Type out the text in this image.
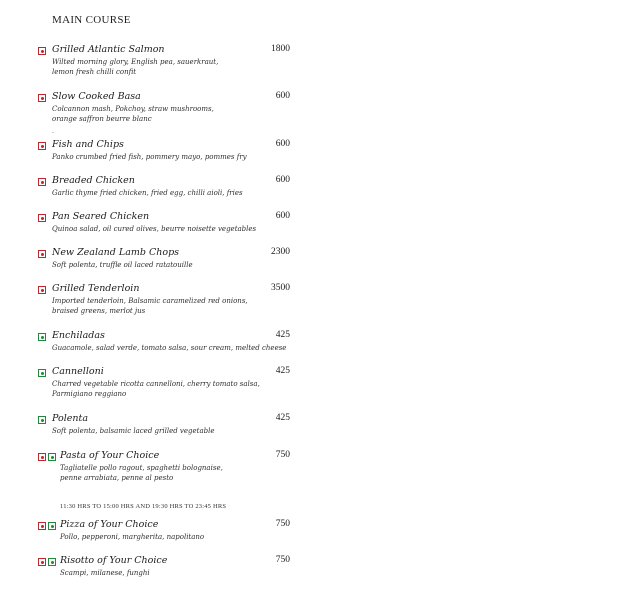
MAIN COURSE
.
Grilled Atlantic Salmon	1800
Wilted morning glory, English pea, sauerkraut,
lemon fresh chilli confit
Slow Cooked Basa	600
Colcannon mash, Pokchoy, straw mushrooms,
orange saffron beurre blanc
Fish and Chips	600
Panko crumbed fried fish, pommery mayo, pommes fry
Breaded Chicken	600
Garlic thyme fried chicken, fried egg, chilli aioli, fries
Pan Seared Chicken	600
Quinoa salad, oil cured olives, beurre noisette vegetables
New Zealand Lamb Chops	2300
Soft polenta, truffle oil laced ratatouille
Grilled Tenderloin	3500
Imported tenderloin, Balsamic caramelized red onions,
braised greens, merlot jus
Enchiladas	425
Guacamole, salad verde, tomato salsa, sour cream, melted cheese
Cannelloni	425
Charred vegetable ricotta cannelloni, cherry tomato salsa,
Parmigiano reggiano
Polenta	425
Soft polenta, balsamic laced grilled vegetable
Pasta of Your Choice	750
Tagliatelle pollo ragout, spaghetti bolognaise,
penne arrabiata, penne al pesto
Pizza of Your Choice	750
Pollo, pepperoni, margherita, napolitano
Risotto of Your Choice	750
Scampi, milanese, funghi
11:30 HRS TO 15:00 HRS AND 19:30 HRS TO 23:45 HRS
